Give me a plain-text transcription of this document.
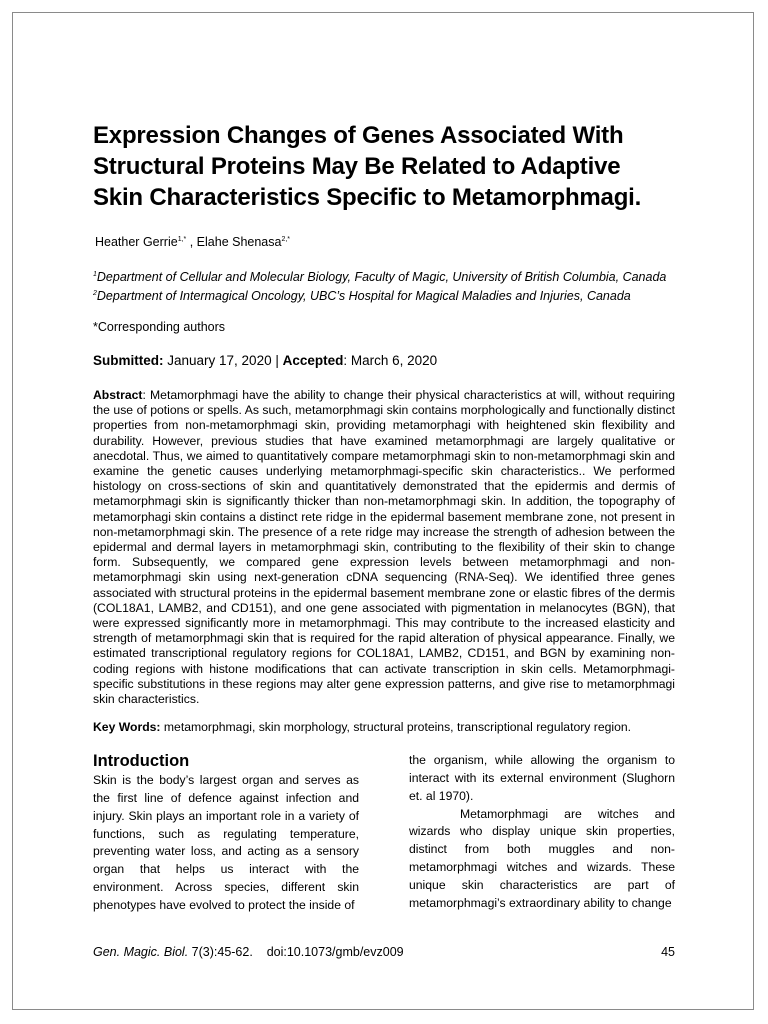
Expression Changes of Genes Associated With Structural Proteins May Be Related to Adaptive Skin Characteristics Specific to Metamorphmagi.
Heather Gerrie$^{1,*}$ , Elahe Shenasa$^{2,*}$
$^1$Department of Cellular and Molecular Biology, Faculty of Magic, University of British Columbia, Canada
$^2$Department of Intermagical Oncology, UBC’s Hospital for Magical Maladies and Injuries, Canada
*Corresponding authors
Submitted: January 17, 2020 | Accepted: March 6, 2020
Abstract: Metamorphmagi have the ability to change their physical characteristics at will, without requiring the use of potions or spells. As such, metamorphmagi skin contains morphologically and functionally distinct properties from non-metamorphmagi skin, providing metamorphagi with heightened skin flexibility and durability. However, previous studies that have examined metamorphmagi are largely qualitative or anecdotal. Thus, we aimed to quantitatively compare metamorphmagi skin to non-metamorphmagi skin and examine the genetic causes underlying metamorphmagi-specific skin characteristics.. We performed histology on cross-sections of skin and quantitatively demonstrated that the epidermis and dermis of metamorphmagi skin is significantly thicker than non-metamorphmagi skin. In addition, the topography of metamorphagi skin contains a distinct rete ridge in the epidermal basement membrane zone, not present in non-metamorphmagi skin. The presence of a rete ridge may increase the strength of adhesion between the epidermal and dermal layers in metamorphmagi skin, contributing to the flexibility of their skin to change form. Subsequently, we compared gene expression levels between metamorphmagi and non-metamorphmagi skin using next-generation cDNA sequencing (RNA-Seq). We identified three genes associated with structural proteins in the epidermal basement membrane zone or elastic fibres of the dermis (COL18A1, LAMB2, and CD151), and one gene associated with pigmentation in melanocytes (BGN), that were expressed significantly more in metamorphmagi. This may contribute to the increased elasticity and strength of metamorphmagi skin that is required for the rapid alteration of physical appearance. Finally, we estimated transcriptional regulatory regions for COL18A1, LAMB2, CD151, and BGN by examining non-coding regions with histone modifications that can activate transcription in skin cells. Metamorphmagi-specific substitutions in these regions may alter gene expression patterns, and give rise to metamorphmagi skin characteristics.
Key Words: metamorphmagi, skin morphology, structural proteins, transcriptional regulatory region.
Introduction

Skin is the body’s largest organ and serves as the first line of defence against infection and injury. Skin plays an important role in a variety of functions, such as regulating temperature, preventing water loss, and acting as a sensory organ that helps us interact with the environment. Across species, different skin phenotypes have evolved to protect the inside of

the organism, while allowing the organism to interact with its external environment (Slughorn et. al 1970).

Metamorphmagi are witches and wizards who display unique skin properties, distinct from both muggles and non-metamorphmagi witches and wizards. These unique skin characteristics are part of metamorphmagi’s extraordinary ability to change

Gen. Magic. Biol. 7(3):45-62.    doi:10.1073/gmb/evz009	45
